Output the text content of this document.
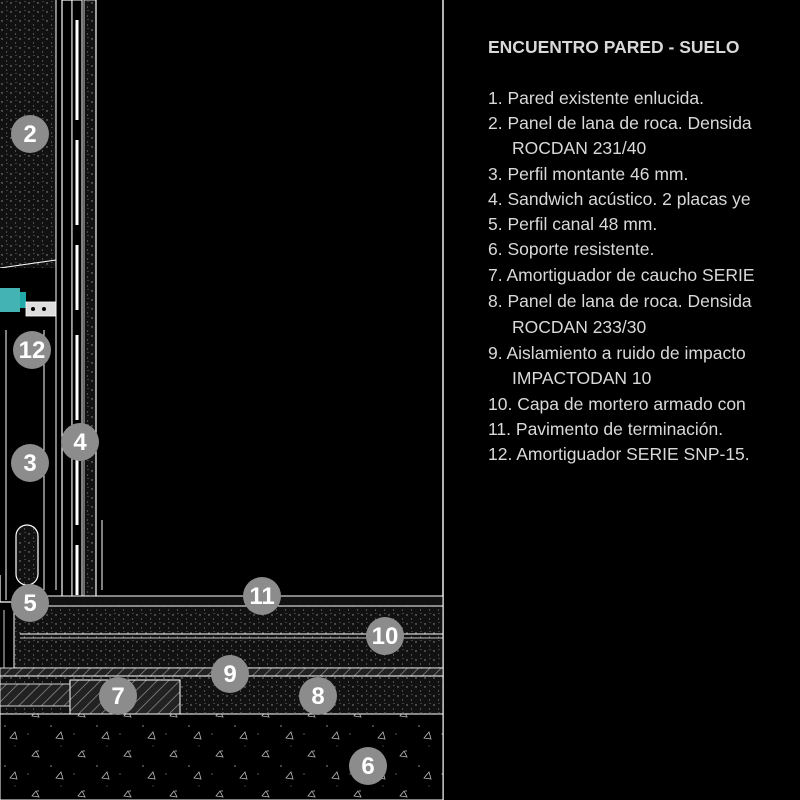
2
12
3
4
5	11
10
9
7	8
6
ENCUENTRO PARED - SUELO
1. Pared existente enlucida.
2. Panel de lana de roca. Densida
ROCDAN 231/40
3. Perfil montante 46 mm.
4. Sandwich acústico. 2 placas ye
5. Perfil canal 48 mm.
6. Soporte resistente.
7. Amortiguador de caucho SERIE
8. Panel de lana de roca. Densida
ROCDAN 233/30
9. Aislamiento a ruido de impacto
IMPACTODAN 10
10. Capa de mortero armado con
11. Pavimento de terminación.
12. Amortiguador SERIE SNP-15.
